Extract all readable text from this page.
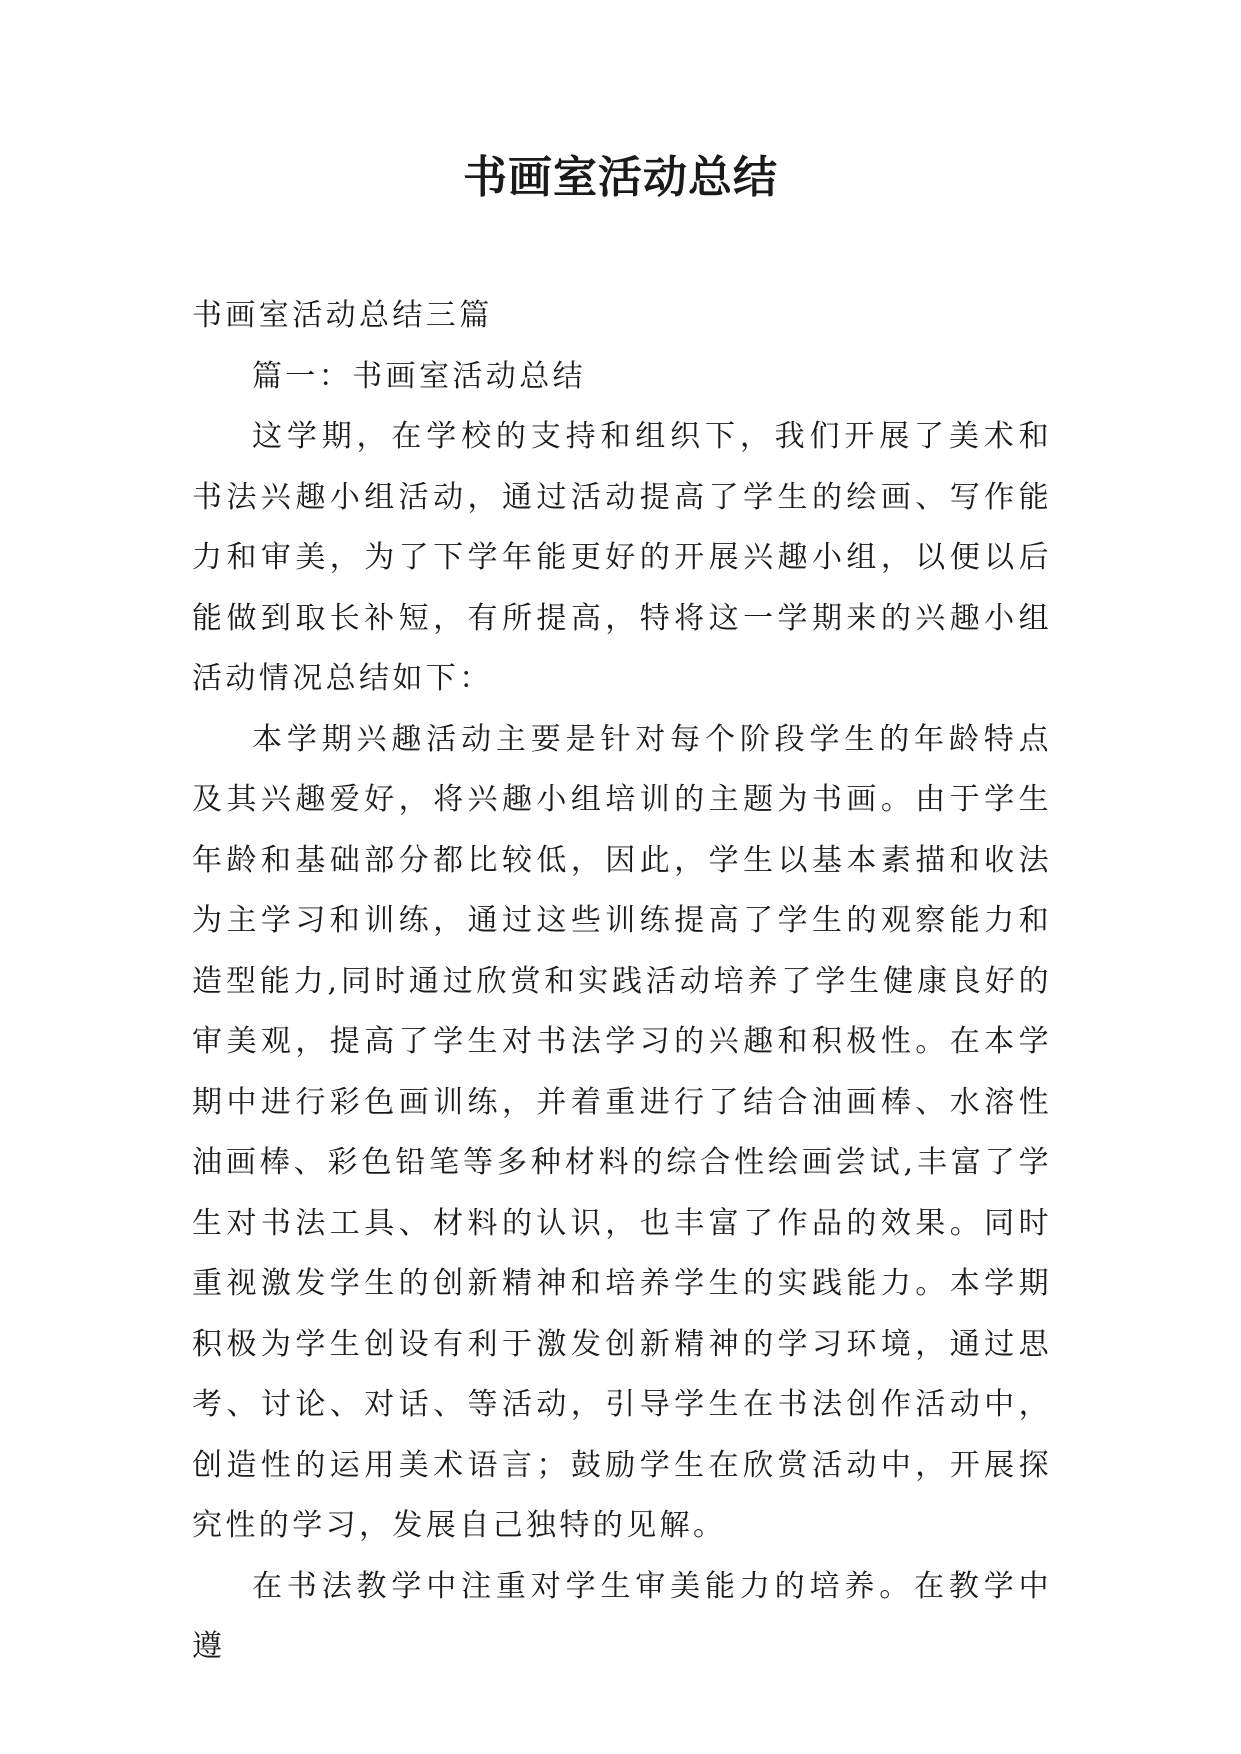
书画室活动总结

书画室活动总结三篇

篇一：书画室活动总结

这学期，在学校的支持和组织下，我们开展了美术和书法兴趣小组活动，通过活动提高了学生的绘画、写作能力和审美，为了下学年能更好的开展兴趣小组，以便以后能做到取长补短，有所提高，特将这一学期来的兴趣小组活动情况总结如下：

本学期兴趣活动主要是针对每个阶段学生的年龄特点及其兴趣爱好，将兴趣小组培训的主题为书画。由于学生年龄和基础部分都比较低，因此，学生以基本素描和收法为主学习和训练，通过这些训练提高了学生的观察能力和造型能力,同时通过欣赏和实践活动培养了学生健康良好的审美观，提高了学生对书法学习的兴趣和积极性。在本学期中进行彩色画训练，并着重进行了结合油画棒、水溶性油画棒、彩色铅笔等多种材料的综合性绘画尝试,丰富了学生对书法工具、材料的认识，也丰富了作品的效果。同时重视激发学生的创新精神和培养学生的实践能力。本学期积极为学生创设有利于激发创新精神的学习环境，通过思考、讨论、对话、等活动，引导学生在书法创作活动中，创造性的运用美术语言；鼓励学生在欣赏活动中，开展探究性的学习，发展自己独特的见解。

在书法教学中注重对学生审美能力的培养。在教学中遵
